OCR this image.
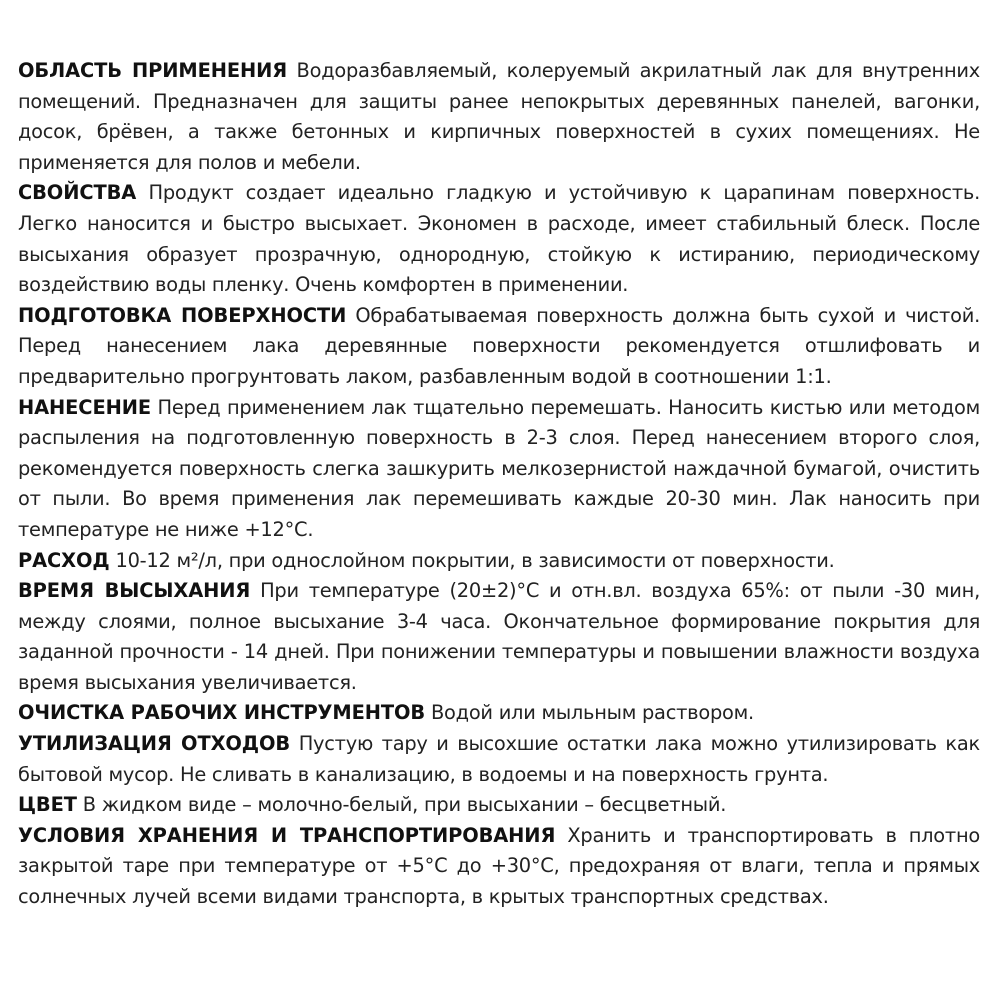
ОБЛАСТЬ ПРИМЕНЕНИЯ Водоразбавляемый, колеруемый акрилатный лак для внутренних помещений. Предназначен для защиты ранее непокрытых деревянных панелей, вагонки, досок, брёвен, а также бетонных и кирпичных поверхностей в сухих помещениях. Не применяется для полов и мебели.

СВОЙСТВА Продукт создает идеально гладкую и устойчивую к царапинам поверхность. Легко наносится и быстро высыхает. Экономен в расходе, имеет стабильный блеск. После высыхания образует прозрачную, однородную, стойкую к истиранию, периодическому воздействию воды пленку. Очень комфортен в применении.

ПОДГОТОВКА ПОВЕРХНОСТИ Обрабатываемая поверхность должна быть сухой и чистой. Перед нанесением лака деревянные поверхности рекомендуется отшлифовать и предварительно прогрунтовать лаком, разбавленным водой в соотношении 1:1.

НАНЕСЕНИЕ Перед применением лак тщательно перемешать. Наносить кистью или методом распыления на подготовленную поверхность в 2-3 слоя. Перед нанесением второго слоя, рекомендуется поверхность слегка зашкурить мелкозернистой наждачной бумагой, очистить от пыли. Во время применения лак перемешивать каждые 20-30 мин. Лак наносить при температуре не ниже +12°C.

РАСХОД 10-12 м²/л, при однослойном покрытии, в зависимости от поверхности.

ВРЕМЯ ВЫСЫХАНИЯ При температуре (20±2)°C и отн.вл. воздуха 65%: от пыли -30 мин, между слоями, полное высыхание 3-4 часа. Окончательное формирование покрытия для заданной прочности - 14 дней. При понижении температуры и повышении влажности воздуха время высыхания увеличивается.

ОЧИСТКА РАБОЧИХ ИНСТРУМЕНТОВ Водой или мыльным раствором.

УТИЛИЗАЦИЯ ОТХОДОВ Пустую тару и высохшие остатки лака можно утилизировать как бытовой мусор. Не сливать в канализацию, в водоемы и на поверхность грунта.

ЦВЕТ В жидком виде – молочно-белый, при высыхании – бесцветный.

УСЛОВИЯ ХРАНЕНИЯ И ТРАНСПОРТИРОВАНИЯ Хранить и транспортировать в плотно закрытой таре при температуре от +5°C до +30°C, предохраняя от влаги, тепла и прямых солнечных лучей всеми видами транспорта, в крытых транспортных средствах.
